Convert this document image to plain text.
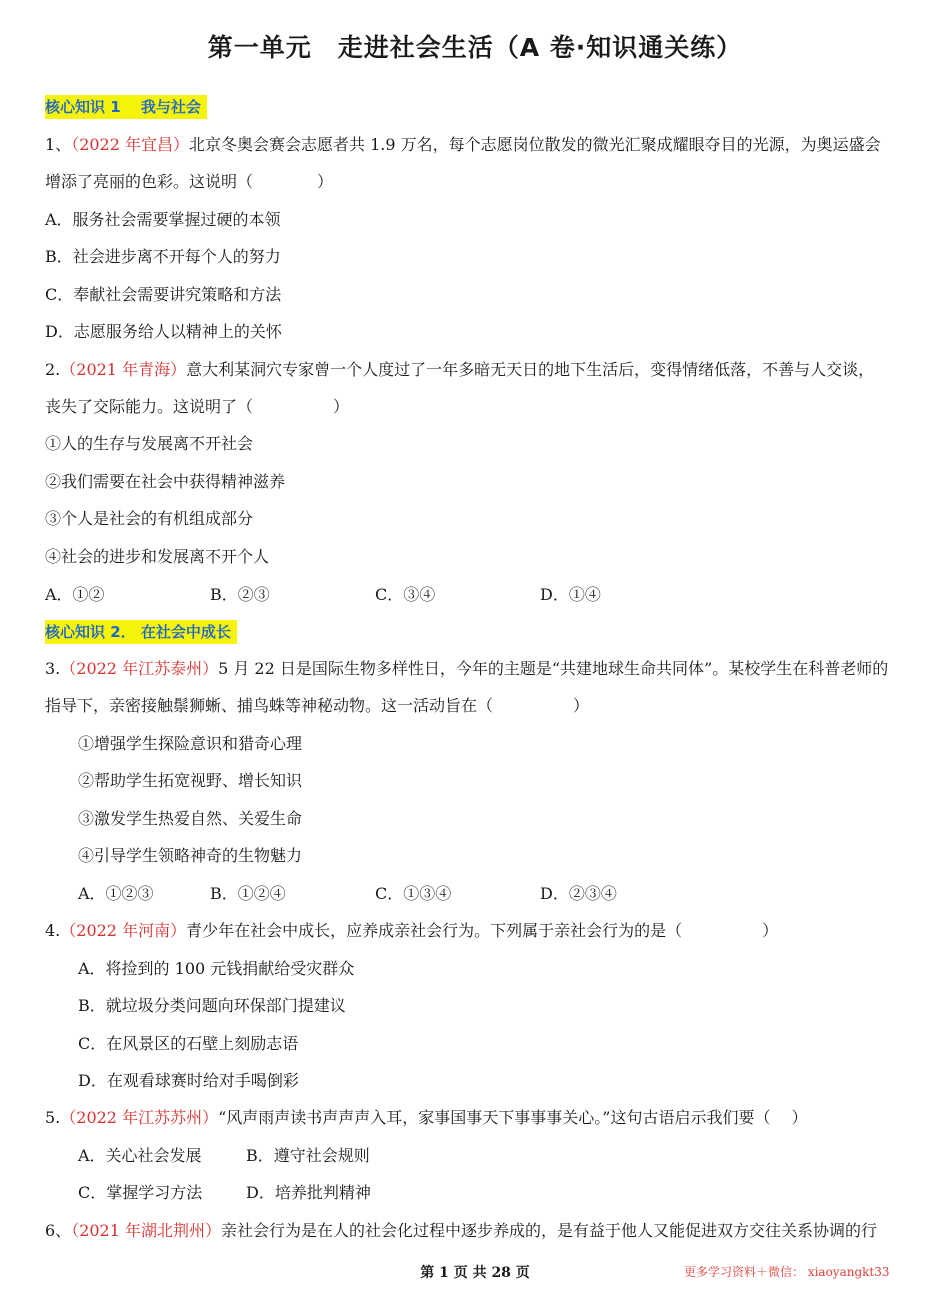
第一单元　走进社会生活（A 卷·知识通关练）
核心知识 1　 我与社会
1、（2022 年宜昌）北京冬奥会赛会志愿者共 1.9 万名，每个志愿岗位散发的微光汇聚成耀眼夺目的光源，为奥运盛会
增添了亮丽的色彩。这说明（　　　　）
A．服务社会需要掌握过硬的本领
B．社会进步离不开每个人的努力
C．奉献社会需要讲究策略和方法
D．志愿服务给人以精神上的关怀
2.（2021 年青海）意大利某洞穴专家曾一个人度过了一年多暗无天日的地下生活后，变得情绪低落，不善与人交谈，
丧失了交际能力。这说明了（　　　　　）
①人的生存与发展离不开社会
②我们需要在社会中获得精神滋养
③个人是社会的有机组成部分
④社会的进步和发展离不开个人
A．①②	B．②③	C．③④	D．①④
核心知识 2． 在社会中成长
3.（2022 年江苏泰州）5 月 22 日是国际生物多样性日，今年的主题是“共建地球生命共同体”。某校学生在科普老师的
指导下，亲密接触鬃狮蜥、捕鸟蛛等神秘动物。这一活动旨在（　　　　　）
①增强学生探险意识和猎奇心理
②帮助学生拓宽视野、增长知识
③激发学生热爱自然、关爱生命
④引导学生领略神奇的生物魅力
A．①②③	B．①②④	C．①③④	D．②③④
4.（2022 年河南）青少年在社会中成长，应养成亲社会行为。下列属于亲社会行为的是（　　　　　）
A．将捡到的 100 元钱捐献给受灾群众
B．就垃圾分类问题向环保部门提建议
C．在风景区的石壁上刻励志语
D．在观看球赛时给对手喝倒彩
5.（2022 年江苏苏州）“风声雨声读书声声声入耳，家事国事天下事事事关心。”这句古语启示我们要（　 ）
A．关心社会发展	B．遵守社会规则
C．掌握学习方法	D．培养批判精神
6、（2021 年湖北荆州）亲社会行为是在人的社会化过程中逐步养成的，是有益于他人又能促进双方交往关系协调的行
第 1 页 共 28 页	更多学习资料＋微信： xiaoyangkt33
